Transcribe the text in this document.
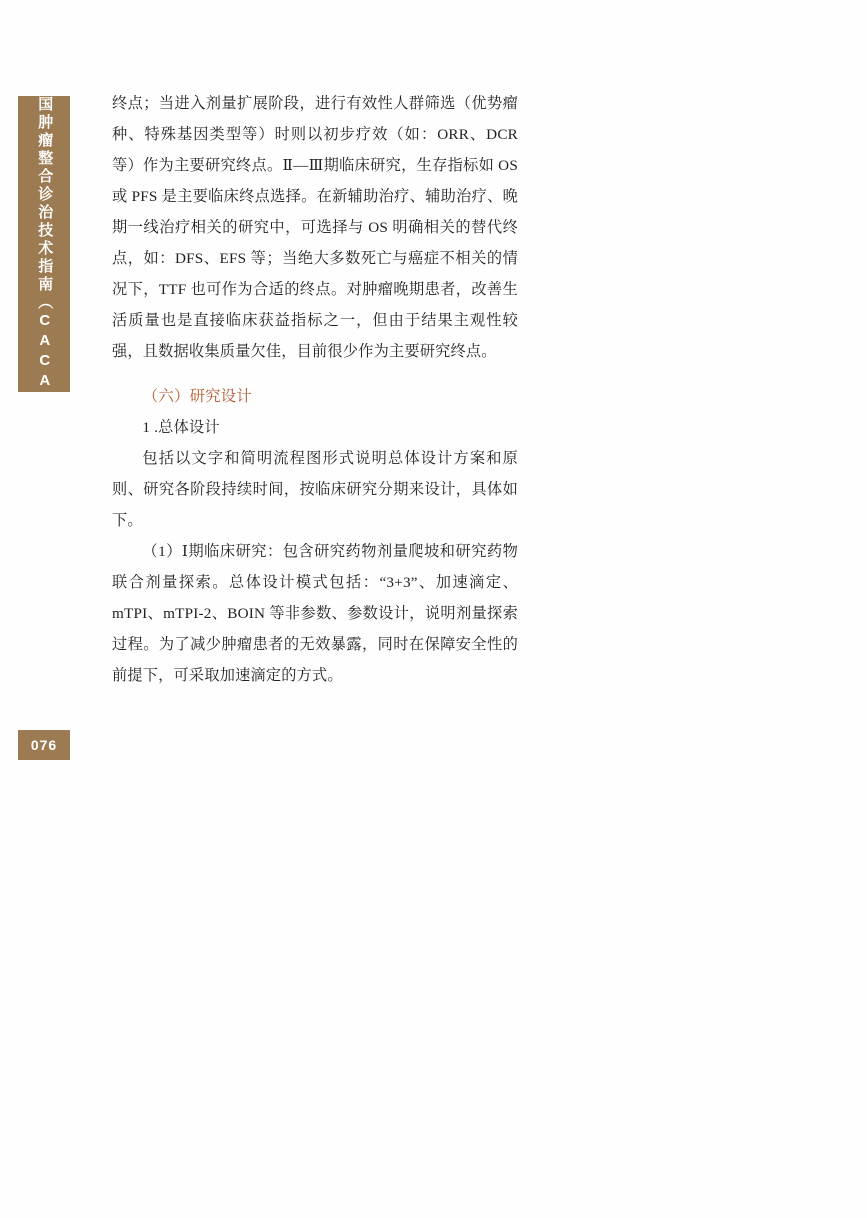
中国肿瘤整合诊治技术指南（CACA）
076

终点；当进入剂量扩展阶段，进行有效性人群筛选（优势瘤种、特殊基因类型等）时则以初步疗效（如：ORR、DCR 等）作为主要研究终点。Ⅱ—Ⅲ期临床研究，生存指标如 OS 或 PFS 是主要临床终点选择。在新辅助治疗、辅助治疗、晚期一线治疗相关的研究中，可选择与 OS 明确相关的替代终点，如：DFS、EFS 等；当绝大多数死亡与癌症不相关的情况下，TTF 也可作为合适的终点。对肿瘤晚期患者，改善生活质量也是直接临床获益指标之一，但由于结果主观性较强，且数据收集质量欠佳，目前很少作为主要研究终点。

（六）研究设计
1 .总体设计

包括以文字和简明流程图形式说明总体设计方案和原则、研究各阶段持续时间，按临床研究分期来设计，具体如下。

（1）Ⅰ期临床研究：包含研究药物剂量爬坡和研究药物联合剂量探索。总体设计模式包括：“3+3”、加速滴定、mTPI、mTPI‑2、BOIN 等非参数、参数设计，说明剂量探索过程。为了减少肿瘤患者的无效暴露，同时在保障安全性的前提下，可采取加速滴定的方式。
